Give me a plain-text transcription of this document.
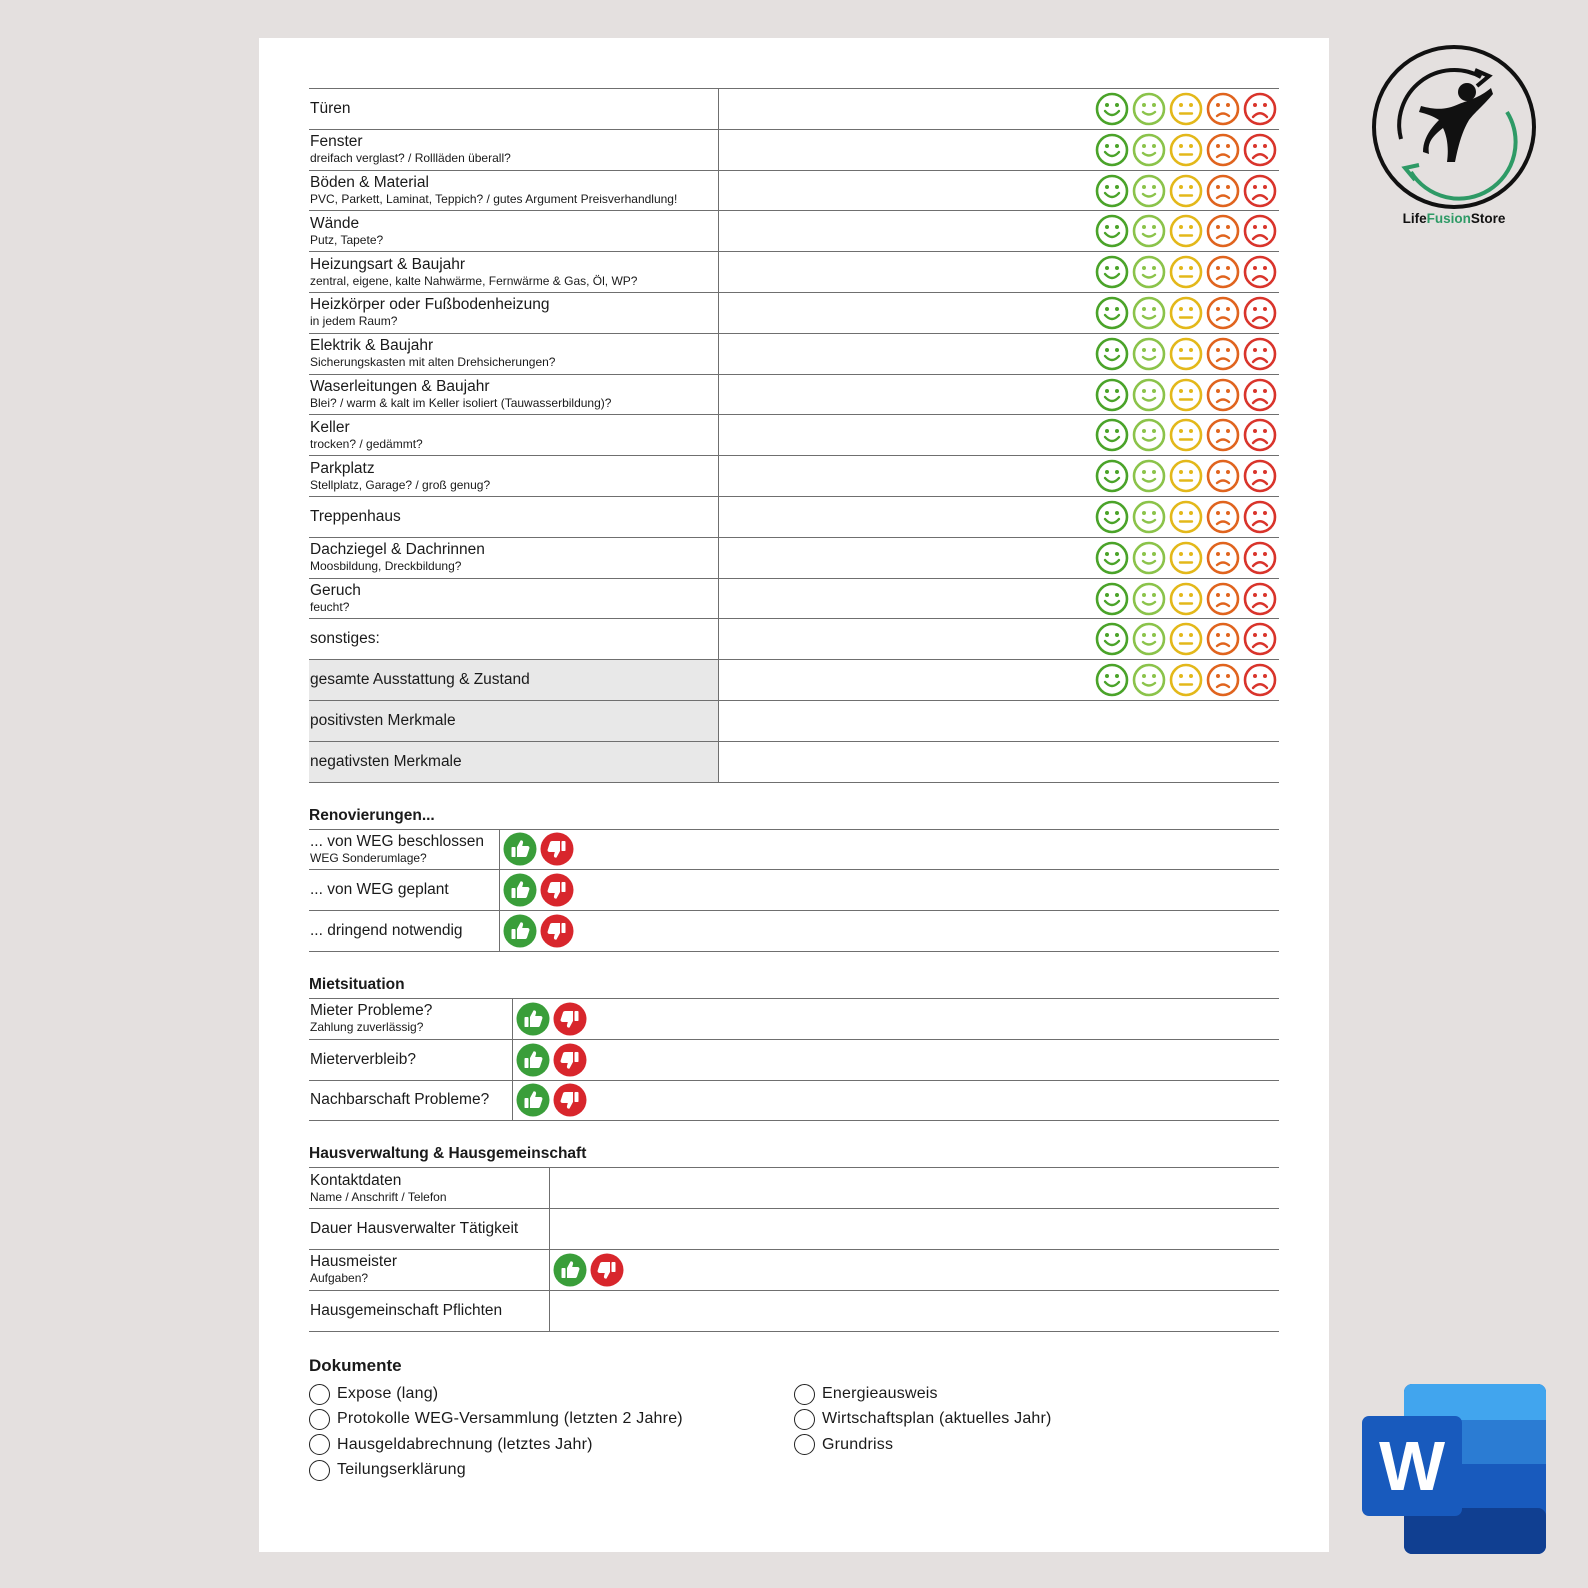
LifeFusionStore
Türen

Fenster
dreifach verglast? / Rollläden überall?

Böden & Material
PVC, Parkett, Laminat, Teppich? / gutes Argument Preisverhandlung!

Wände
Putz, Tapete?

Heizungsart & Baujahr
zentral, eigene, kalte Nahwärme, Fernwärme & Gas, Öl, WP?

Heizkörper oder Fußbodenheizung
in jedem Raum?

Elektrik & Baujahr
Sicherungskasten mit alten Drehsicherungen?

Waserleitungen & Baujahr
Blei? / warm & kalt im Keller isoliert (Tauwasserbildung)?

Keller
trocken? / gedämmt?

Parkplatz
Stellplatz, Garage? / groß genug?

Treppenhaus

Dachziegel & Dachrinnen
Moosbildung, Dreckbildung?

Geruch
feucht?

sonstiges:

gesamte Ausstattung & Zustand

positivsten Merkmale	

negativsten Merkmale	

Renovierungen...
... von WEG beschlossen
WEG Sonderumlage?

... von WEG geplant

... dringend notwendig

Mietsituation
Mieter Probleme?
Zahlung zuverlässig?

Mieterverbleib?

Nachbarschaft Probleme?

Hausverwaltung & Hausgemeinschaft
Kontaktdaten
Name / Anschrift / Telefon	

Dauer Hausverwalter Tätigkeit	

Hausmeister
Aufgaben?

Hausgemeinschaft Pflichten	

Dokumente
Expose (lang)
Protokolle WEG-Versammlung (letzten 2 Jahre)
Hausgeldabrechnung (letztes Jahr)
Teilungserklärung
Energieausweis
Wirtschaftsplan (aktuelles Jahr)
Grundriss	W
